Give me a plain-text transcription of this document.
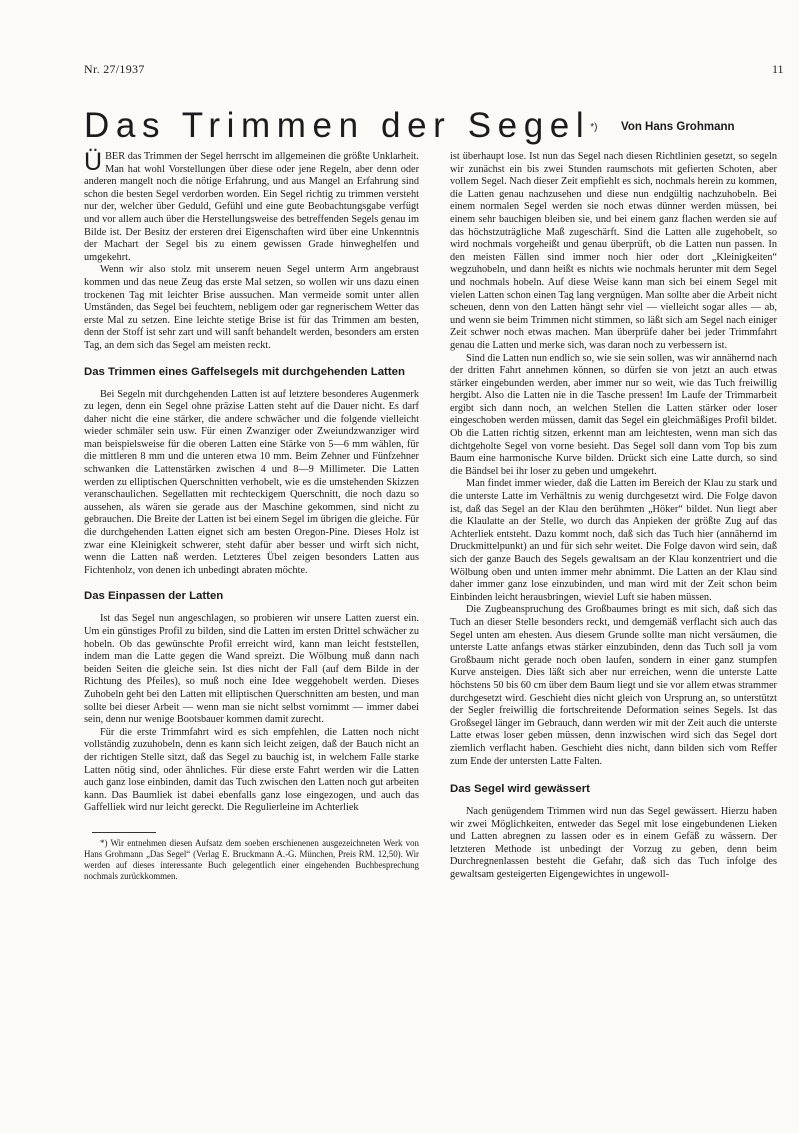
Nr. 27/1937	11
Das Trimmen der Segel*) Von Hans Grohmann

ÜBER das Trimmen der Segel herrscht im allgemeinen die größte Unklarheit. Man hat wohl Vorstellungen über diese oder jene Regeln, aber denn oder anderen mangelt noch die nötige Erfahrung, und aus Mangel an Erfahrung sind schon die besten Segel verdorben worden. Ein Segel richtig zu trimmen versteht nur der, welcher über Geduld, Gefühl und eine gute Beobachtungsgabe verfügt und vor allem auch über die Herstellungsweise des betreffenden Segels genau im Bilde ist. Der Besitz der ersteren drei Eigenschaften wird über eine Unkenntnis der Machart der Segel bis zu einem gewissen Grade hinweghelfen und umgekehrt.

Wenn wir also stolz mit unserem neuen Segel unterm Arm angebraust kommen und das neue Zeug das erste Mal setzen, so wollen wir uns dazu einen trockenen Tag mit leichter Brise aussuchen. Man vermeide somit unter allen Umständen, das Segel bei feuchtem, nebligem oder gar regnerischem Wetter das erste Mal zu setzen. Eine leichte stetige Brise ist für das Trimmen am besten, denn der Stoff ist sehr zart und will sanft behandelt werden, besonders am ersten Tag, an dem sich das Segel am meisten reckt.

Das Trimmen eines Gaffelsegels mit durchgehenden Latten

Bei Segeln mit durchgehenden Latten ist auf letztere besonderes Augenmerk zu legen, denn ein Segel ohne präzise Latten steht auf die Dauer nicht. Es darf daher nicht die eine stärker, die andere schwächer und die folgende vielleicht wieder schmäler sein usw. Für einen Zwanziger oder Zweiundzwanziger wird man beispielsweise für die oberen Latten eine Stärke von 5—6 mm wählen, für die mittleren 8 mm und die unteren etwa 10 mm. Beim Zehner und Fünfzehner schwanken die Lattenstärken zwischen 4 und 8—9 Millimeter. Die Latten werden zu elliptischen Querschnitten verhobelt, wie es die umstehenden Skizzen veranschaulichen. Segellatten mit rechteckigem Querschnitt, die noch dazu so aussehen, als wären sie gerade aus der Maschine gekommen, sind nicht zu gebrauchen. Die Breite der Latten ist bei einem Segel im übrigen die gleiche. Für die durchgehenden Latten eignet sich am besten Oregon-Pine. Dieses Holz ist zwar eine Kleinigkeit schwerer, steht dafür aber besser und wirft sich nicht, wenn die Latten naß werden. Letzteres Übel zeigen besonders Latten aus Fichtenholz, von denen ich unbedingt abraten möchte.

Das Einpassen der Latten

Ist das Segel nun angeschlagen, so probieren wir unsere Latten zuerst ein. Um ein günstiges Profil zu bilden, sind die Latten im ersten Drittel schwächer zu hobeln. Ob das gewünschte Profil erreicht wird, kann man leicht feststellen, indem man die Latte gegen die Wand spreizt. Die Wölbung muß dann nach beiden Seiten die gleiche sein. Ist dies nicht der Fall (auf dem Bilde in der Richtung des Pfeiles), so muß noch eine Idee weggehobelt werden. Dieses Zuhobeln geht bei den Latten mit elliptischen Querschnitten am besten, und man sollte bei dieser Arbeit — wenn man sie nicht selbst vornimmt — immer dabei sein, denn nur wenige Bootsbauer kommen damit zurecht.

Für die erste Trimmfahrt wird es sich empfehlen, die Latten noch nicht vollständig zuzuhobeln, denn es kann sich leicht zeigen, daß der Bauch nicht an der richtigen Stelle sitzt, daß das Segel zu bauchig ist, in welchem Falle starke Latten nötig sind, oder ähnliches. Für diese erste Fahrt werden wir die Latten auch ganz lose einbinden, damit das Tuch zwischen den Latten noch gut arbeiten kann. Das Baumliek ist dabei ebenfalls ganz lose eingezogen, und auch das Gaffelliek wird nur leicht gereckt. Die Regulierleine im Achterliek

*) Wir entnehmen diesen Aufsatz dem soeben erschienenen ausgezeichneten Werk von Hans Grohmann „Das Segel“ (Verlag E. Bruckmann A.-G. München, Preis RM. 12,50). Wir werden auf dieses interessante Buch gelegentlich einer eingehenden Buchbesprechung nochmals zurückkommen.

ist überhaupt lose. Ist nun das Segel nach diesen Richtlinien gesetzt, so segeln wir zunächst ein bis zwei Stunden raumschots mit gefierten Schoten, aber vollem Segel. Nach dieser Zeit empfiehlt es sich, nochmals herein zu kommen, die Latten genau nachzusehen und diese nun endgültig nachzuhobeln. Bei einem normalen Segel werden sie noch etwas dünner werden müssen, bei einem sehr bauchigen bleiben sie, und bei einem ganz flachen werden sie auf das höchstzuträgliche Maß zugeschärft. Sind die Latten alle zugehobelt, so wird nochmals vorgeheißt und genau überprüft, ob die Latten nun passen. In den meisten Fällen sind immer noch hier oder dort „Kleinigkeiten“ wegzuhobeln, und dann heißt es nichts wie nochmals herunter mit dem Segel und nochmals hobeln. Auf diese Weise kann man sich bei einem Segel mit vielen Latten schon einen Tag lang vergnügen. Man sollte aber die Arbeit nicht scheuen, denn von den Latten hängt sehr viel — vielleicht sogar alles — ab, und wenn sie beim Trimmen nicht stimmen, so läßt sich am Segel nach einiger Zeit schwer noch etwas machen. Man überprüfe daher bei jeder Trimmfahrt genau die Latten und merke sich, was daran noch zu verbessern ist.

Sind die Latten nun endlich so, wie sie sein sollen, was wir annähernd nach der dritten Fahrt annehmen können, so dürfen sie von jetzt an auch etwas stärker eingebunden werden, aber immer nur so weit, wie das Tuch freiwillig hergibt. Also die Latten nie in die Tasche pressen! Im Laufe der Trimmarbeit ergibt sich dann noch, an welchen Stellen die Latten stärker oder loser eingeschoben werden müssen, damit das Segel ein gleichmäßiges Profil bildet. Ob die Latten richtig sitzen, erkennt man am leichtesten, wenn man sich das dichtgeholte Segel von vorne besieht. Das Segel soll dann vom Top bis zum Baum eine harmonische Kurve bilden. Drückt sich eine Latte durch, so sind die Bändsel bei ihr loser zu geben und umgekehrt.

Man findet immer wieder, daß die Latten im Bereich der Klau zu stark und die unterste Latte im Verhältnis zu wenig durchgesetzt wird. Die Folge davon ist, daß das Segel an der Klau den berühmten „Höker“ bildet. Nun liegt aber die Klaulatte an der Stelle, wo durch das Anpieken der größte Zug auf das Achterliek entsteht. Dazu kommt noch, daß sich das Tuch hier (annähernd im Druckmittelpunkt) an und für sich sehr weitet. Die Folge davon wird sein, daß sich der ganze Bauch des Segels gewaltsam an der Klau konzentriert und die Wölbung oben und unten immer mehr abnimmt. Die Latten an der Klau sind daher immer ganz lose einzubinden, und man wird mit der Zeit schon beim Einbinden leicht herausbringen, wieviel Luft sie haben müssen.

Die Zugbeanspruchung des Großbaumes bringt es mit sich, daß sich das Tuch an dieser Stelle besonders reckt, und demgemäß verflacht sich auch das Segel unten am ehesten. Aus diesem Grunde sollte man nicht versäumen, die unterste Latte anfangs etwas stärker einzubinden, denn das Tuch soll ja vom Großbaum nicht gerade noch oben laufen, sondern in einer ganz stumpfen Kurve ansteigen. Dies läßt sich aber nur erreichen, wenn die unterste Latte höchstens 50 bis 60 cm über dem Baum liegt und sie vor allem etwas strammer durchgesetzt wird. Geschieht dies nicht gleich von Ursprung an, so unterstützt der Segler freiwillig die fortschreitende Deformation seines Segels. Ist das Großsegel länger im Gebrauch, dann werden wir mit der Zeit auch die unterste Latte etwas loser geben müssen, denn inzwischen wird sich das Segel dort ziemlich verflacht haben. Geschieht dies nicht, dann bilden sich vom Reffer zum Ende der untersten Latte Falten.

Das Segel wird gewässert

Nach genügendem Trimmen wird nun das Segel gewässert. Hierzu haben wir zwei Möglichkeiten, entweder das Segel mit lose eingebundenen Lieken und Latten abregnen zu lassen oder es in einem Gefäß zu wässern. Der letzteren Methode ist unbedingt der Vorzug zu geben, denn beim Durchregnenlassen besteht die Gefahr, daß sich das Tuch infolge des gewaltsam gesteigerten Eigengewichtes in ungewoll-
